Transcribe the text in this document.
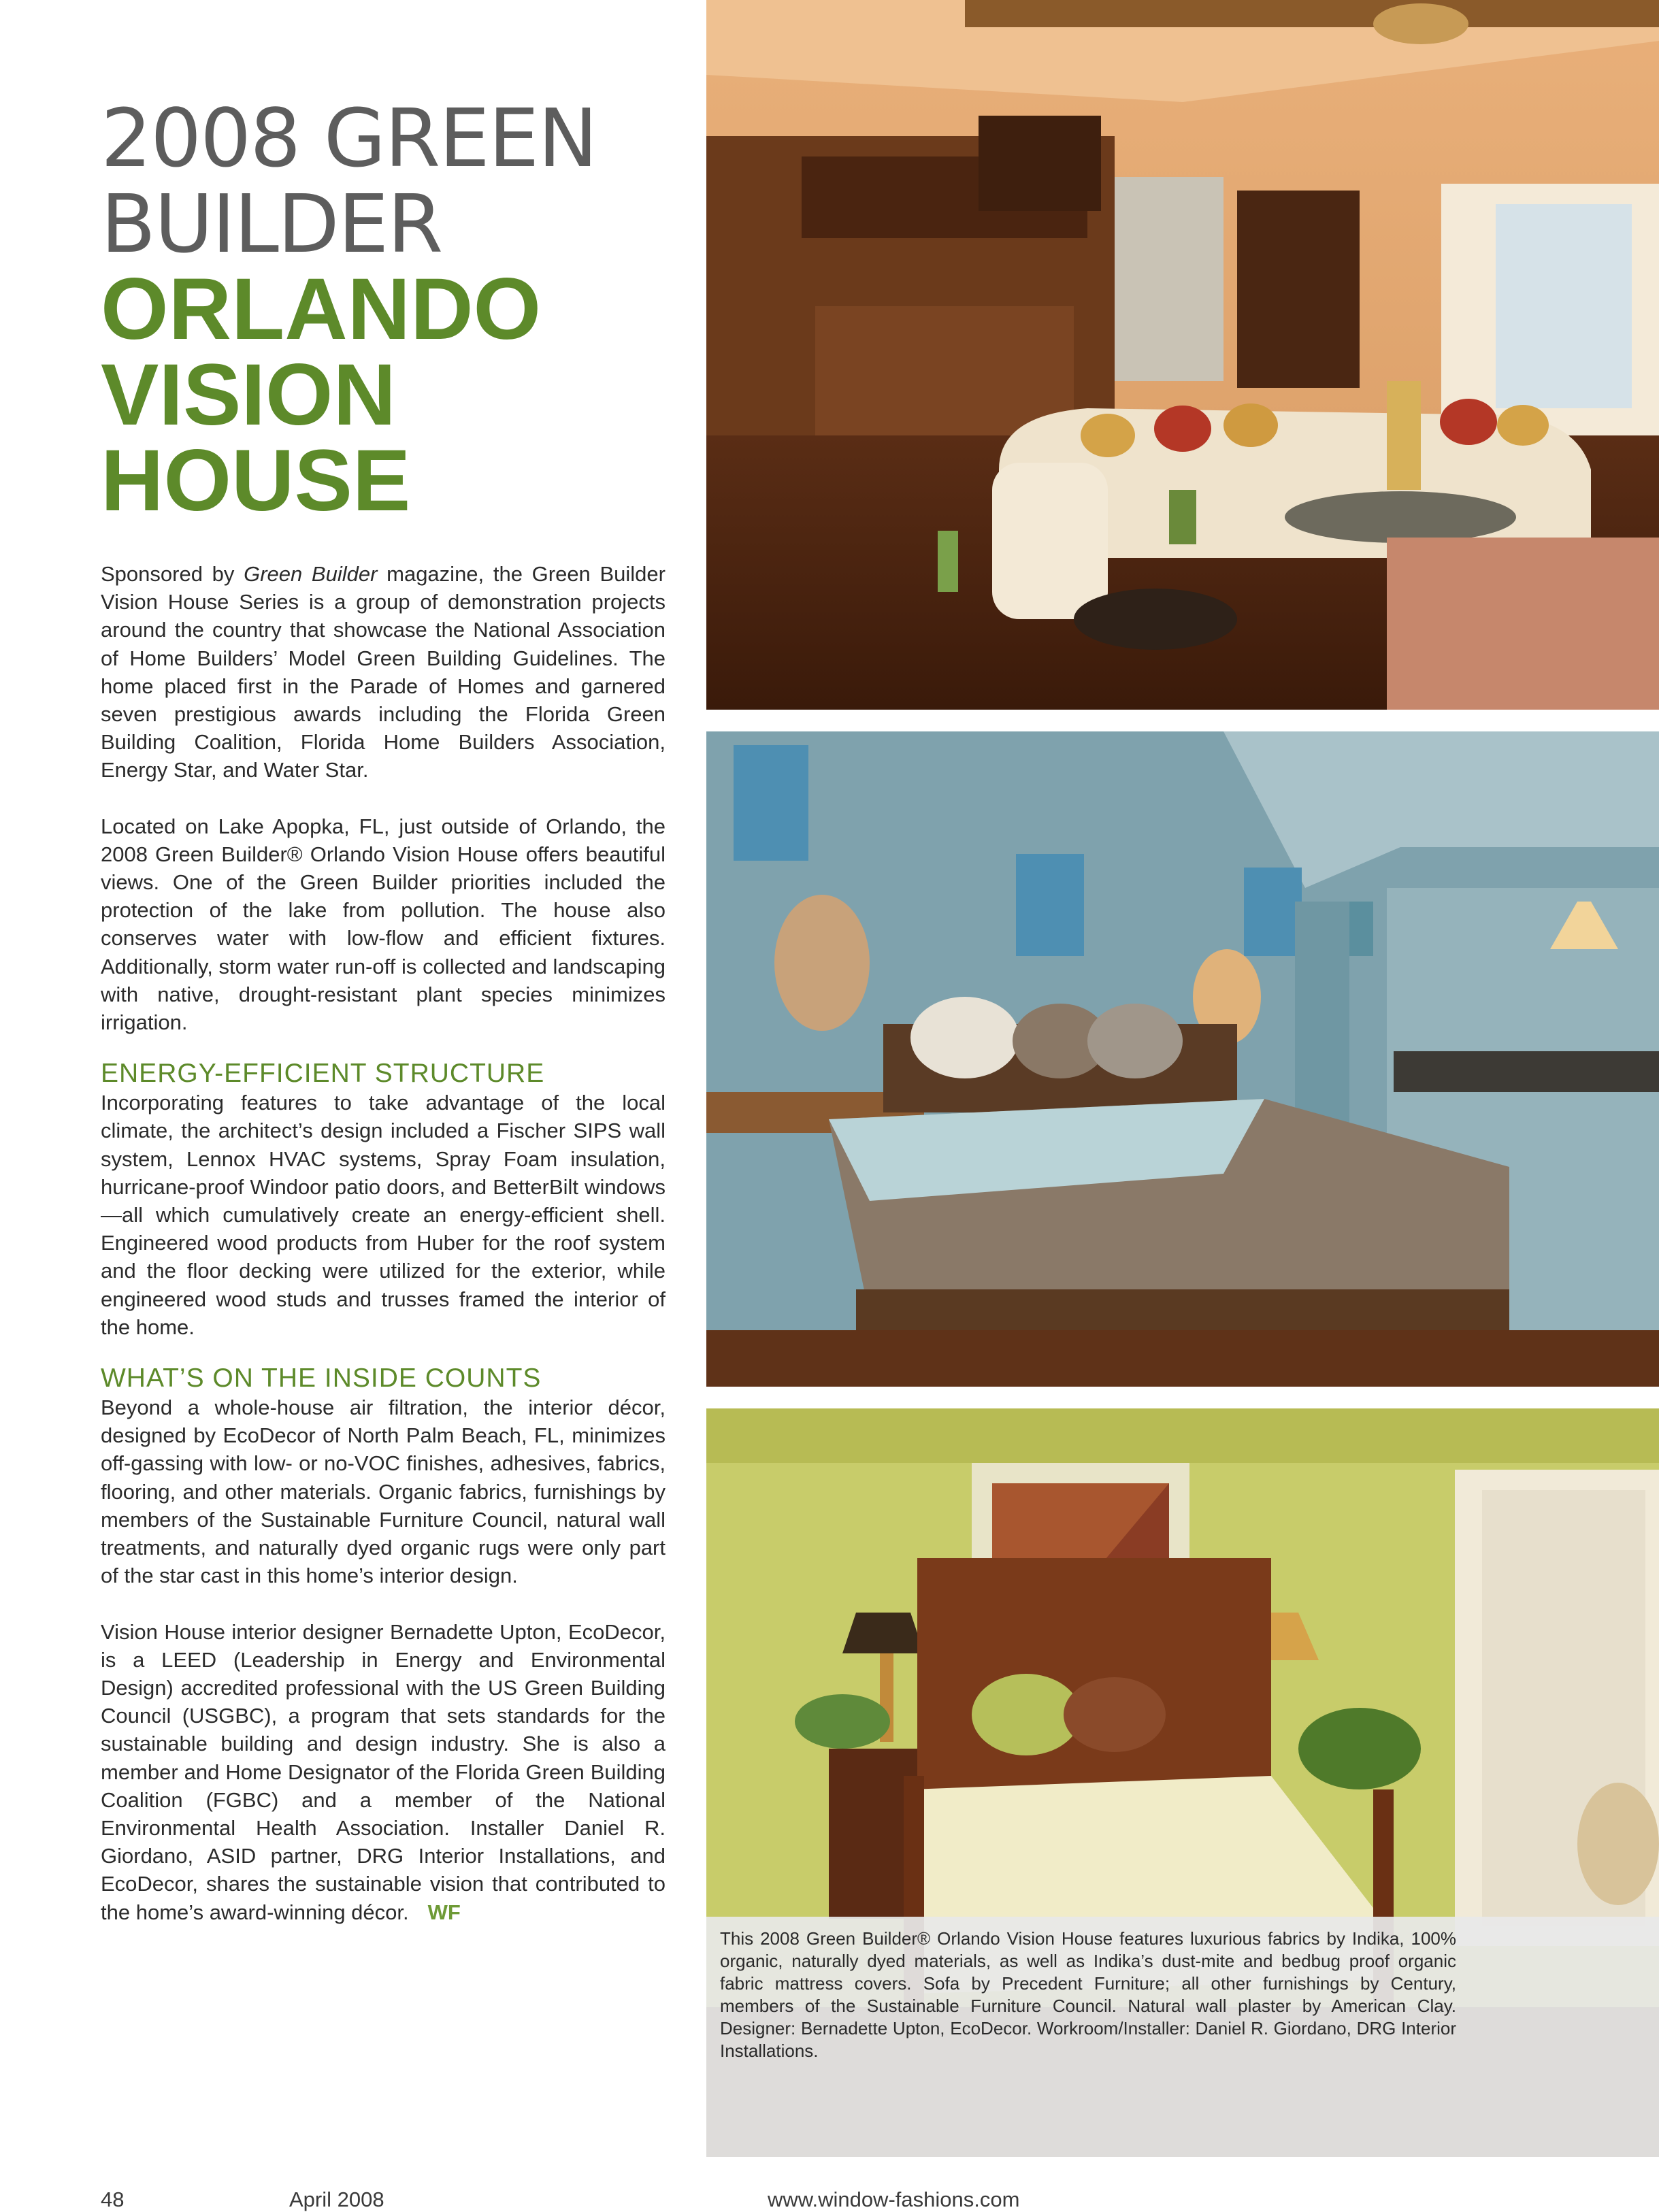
2008 GREEN
BUILDER
ORLANDO
VISION
HOUSE

Sponsored by Green Builder magazine, the Green Builder Vision House Series is a group of demonstration projects around the country that showcase the National Association of Home Builders’ Model Green Building Guidelines. The home placed first in the Parade of Homes and garnered seven prestigious awards including the Florida Green Building Coalition, Florida Home Builders Association, Energy Star, and Water Star.

Located on Lake Apopka, FL, just outside of Orlando, the 2008 Green Builder® Orlando Vision House offers beautiful views. One of the Green Builder priorities included the protection of the lake from pollution. The house also conserves water with low-flow and efficient fixtures. Additionally, storm water run-off is collected and landscaping with native, drought-resistant plant species minimizes irrigation.

ENERGY-EFFICIENT STRUCTURE

Incorporating features to take advantage of the local climate, the architect’s design included a Fischer SIPS wall system, Lennox HVAC systems, Spray Foam insulation, hurricane-proof Windoor patio doors, and BetterBilt windows—all which cumulatively create an energy-efficient shell. Engineered wood products from Huber for the roof system and the floor decking were utilized for the exterior, while engineered wood studs and trusses framed the interior of the home.

WHAT’S ON THE INSIDE COUNTS

Beyond a whole-house air filtration, the interior décor, designed by EcoDecor of North Palm Beach, FL, minimizes off-gassing with low- or no-VOC finishes, adhesives, fabrics, flooring, and other materials. Organic fabrics, furnishings by members of the Sustainable Furniture Council, natural wall treatments, and naturally dyed organic rugs were only part of the star cast in this home’s interior design.

Vision House interior designer Bernadette Upton, EcoDecor, is a LEED (Leadership in Energy and Environmental Design) accredited professional with the US Green Building Council (USGBC), a program that sets standards for the sustainable building and design industry. She is also a member and Home Designator of the Florida Green Building Coalition (FGBC) and a member of the National Environmental Health Association. Installer Daniel R. Giordano, ASID partner, DRG Interior Installations, and EcoDecor, shares the sustainable vision that contributed to the home’s award-winning décor. WF

This 2008 Green Builder® Orlando Vision House features luxurious fabrics by Indika, 100% organic, naturally dyed materials, as well as Indika’s dust-mite and bedbug proof organic fabric mattress covers. Sofa by Precedent Furniture; all other furnishings by Century, members of the Sustainable Furniture Council. Natural wall plaster by American Clay. Designer: Bernadette Upton, EcoDecor. Workroom/Installer: Daniel R. Giordano, DRG Interior Installations.

48	April 2008	www.window-fashions.com
